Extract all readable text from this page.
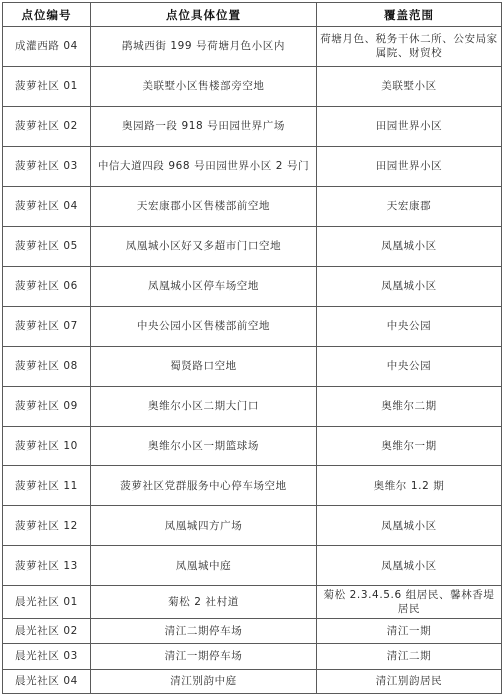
点位编号	点位具体位置	覆盖范围
成灌西路 04	鹃城西街 199 号荷塘月色小区内	荷塘月色、税务干休二所、公安局家属院、财贸校
菠萝社区 01	美联墅小区售楼部旁空地	美联墅小区
菠萝社区 02	奥园路一段 918 号田园世界广场	田园世界小区
菠萝社区 03	中信大道四段 968 号田园世界小区 2 号门	田园世界小区
菠萝社区 04	天宏康郡小区售楼部前空地	天宏康郡
菠萝社区 05	凤凰城小区好又多超市门口空地	凤凰城小区
菠萝社区 06	凤凰城小区停车场空地	凤凰城小区
菠萝社区 07	中央公园小区售楼部前空地	中央公园
菠萝社区 08	蜀贤路口空地	中央公园
菠萝社区 09	奥维尔小区二期大门口	奥维尔二期
菠萝社区 10	奥维尔小区一期篮球场	奥维尔一期
菠萝社区 11	菠萝社区党群服务中心停车场空地	奥维尔 1.2 期
菠萝社区 12	凤凰城四方广场	凤凰城小区
菠萝社区 13	凤凰城中庭	凤凰城小区
晨光社区 01	菊松 2 社村道	菊松 2.3.4.5.6 组居民、馨林香堤居民
晨光社区 02	清江二期停车场	清江一期
晨光社区 03	清江一期停车场	清江二期
晨光社区 04	清江别韵中庭	清江别韵居民
